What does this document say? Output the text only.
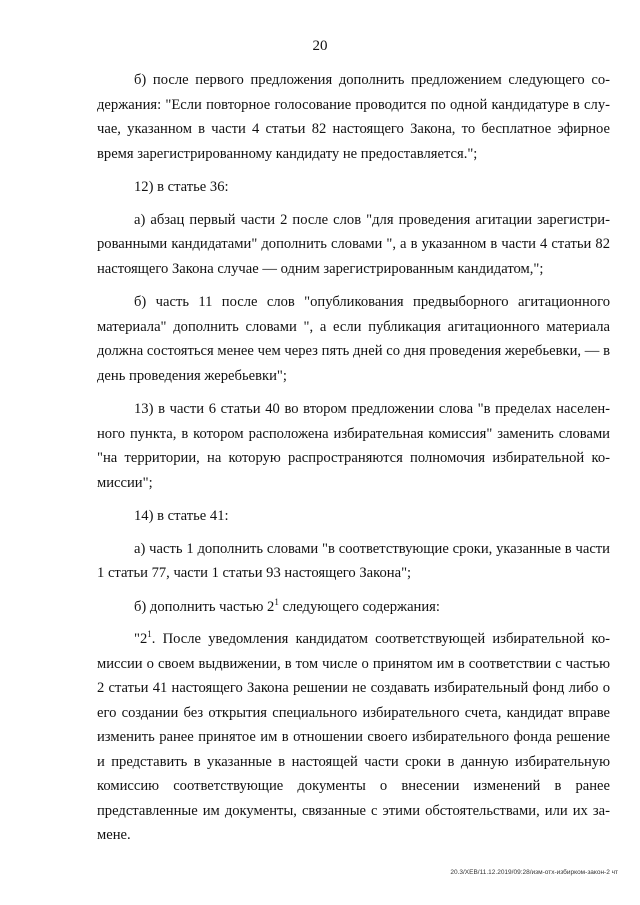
20

б) после первого предложения дополнить предложением следующего содержания: "Если повторное голосование проводится по одной кандидатуре в случае, указанном в части 4 статьи 82 настоящего Закона, то бесплатное эфирное время зарегистрированному кандидату не предоставляется.";

12) в статье 36:

а) абзац первый части 2 после слов "для проведения агитации зарегистрированными кандидатами" дополнить словами ", а в указанном в части 4 статьи 82 настоящего Закона случае — одним зарегистрированным кандидатом,";

б) часть 11 после слов "опубликования предвыборного агитационного материала" дополнить словами ", а если публикация агитационного материала должна состояться менее чем через пять дней со дня проведения жеребьевки, — в день проведения жеребьевки";

13) в части 6 статьи 40 во втором предложении слова "в пределах населенного пункта, в котором расположена избирательная комиссия" заменить словами "на территории, на которую распространяются полномочия избирательной комиссии";

14) в статье 41:

а) часть 1 дополнить словами "в соответствующие сроки, указанные в части 1 статьи 77, части 1 статьи 93 настоящего Закона";

б) дополнить частью $2^1$ следующего содержания:

"$2^1$. После уведомления кандидатом соответствующей избирательной комиссии о своем выдвижении, в том числе о принятом им в соответствии с частью 2 статьи 41 настоящего Закона решении не создавать избирательный фонд либо о его создании без открытия специального избирательного счета, кандидат вправе изменить ранее принятое им в отношении своего избирательного фонда решение и представить в указанные в настоящей части сроки в данную избирательную комиссию соответствующие документы о внесении изменений в ранее представленные им документы, связанные с этими обстоятельствами, или их замене.

20.3/XEB/11.12.2019/09:28/изм-отх-избирком-закон-2 чт
